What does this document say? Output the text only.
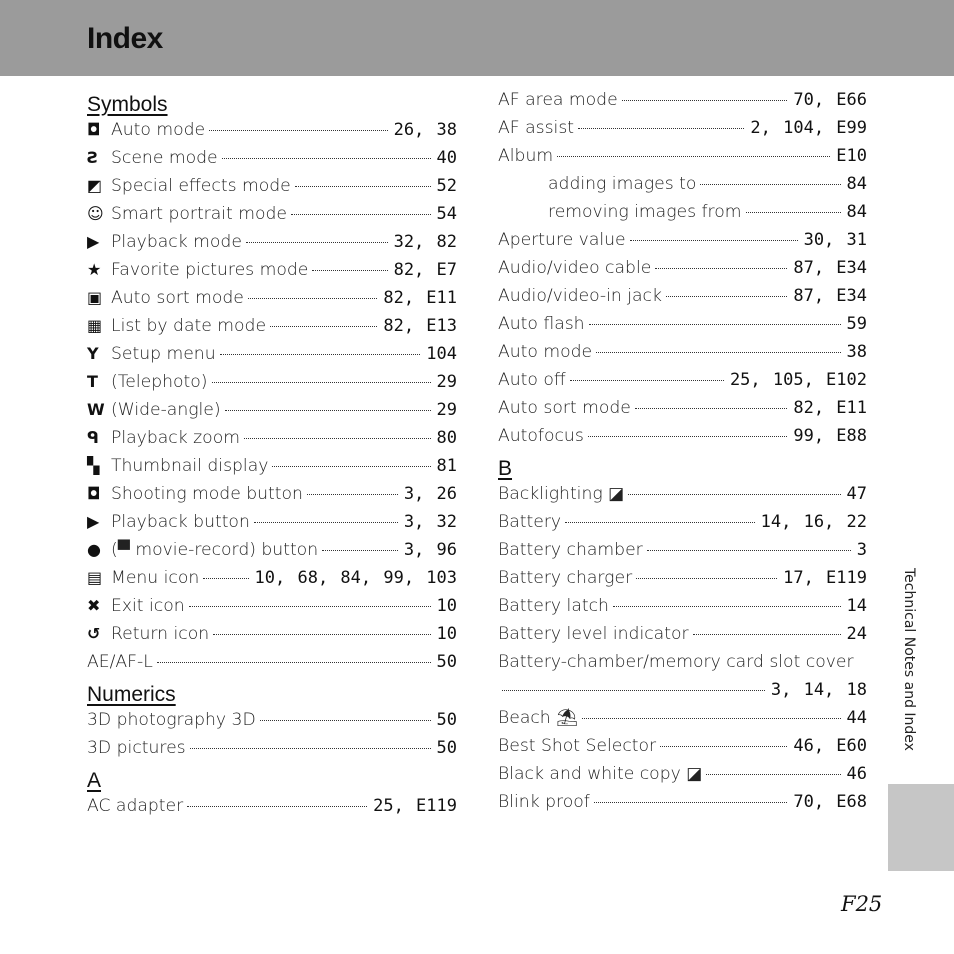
Index
Symbols
◘ Auto mode	26, 38
Ƨ Scene mode	40
◩ Special effects mode	52
☺ Smart portrait mode	54
▶ Playback mode	32, 82
★ Favorite pictures mode	82, E7
▣ Auto sort mode	82, E11
▦ List by date mode	82, E13
Y Setup menu	104
T (Telephoto)	29
W (Wide-angle)	29
ᑫ Playback zoom	80
▚ Thumbnail display	81
◘ Shooting mode button	3, 26
▶ Playback button	3, 32
● (▀ movie-record) button	3, 96
▤ Menu icon	10, 68, 84, 99, 103
✖ Exit icon	10
↺ Return icon	10
AE/AF-L	50
Numerics
3D photography 3D	50
3D pictures	50
A
AC adapter	25, E119
AF area mode	70, E66
AF assist	2, 104, E99
Album	E10
adding images to	84
removing images from	84
Aperture value	30, 31
Audio/video cable	87, E34
Audio/video-in jack	87, E34
Auto flash	59
Auto mode	38
Auto off	25, 105, E102
Auto sort mode	82, E11
Autofocus	99, E88
B
Backlighting ◪	47
Battery	14, 16, 22
Battery chamber	3
Battery charger	17, E119
Battery latch	14
Battery level indicator	24
Battery-chamber/memory card slot cover
3, 14, 18
Beach ⛱	44
Best Shot Selector	46, E60
Black and white copy ◪	46
Blink proof	70, E68
Technical Notes and Index
F25
